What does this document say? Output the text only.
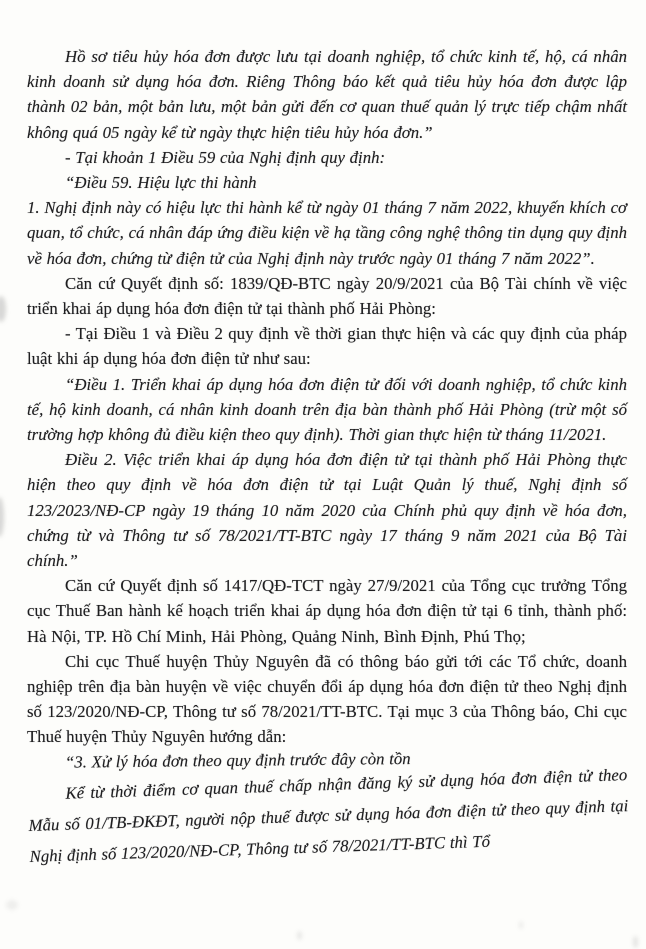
Hồ sơ tiêu hủy hóa đơn được lưu tại doanh nghiệp, tổ chức kinh tế, hộ, cá nhân kinh doanh sử dụng hóa đơn. Riêng Thông báo kết quả tiêu hủy hóa đơn được lập thành 02 bản, một bản lưu, một bản gửi đến cơ quan thuế quản lý trực tiếp chậm nhất không quá 05 ngày kể từ ngày thực hiện tiêu hủy hóa đơn.”

- Tại khoản 1 Điều 59 của Nghị định quy định:

“Điều 59. Hiệu lực thi hành

1. Nghị định này có hiệu lực thi hành kể từ ngày 01 tháng 7 năm 2022, khuyến khích cơ quan, tổ chức, cá nhân đáp ứng điều kiện về hạ tầng công nghệ thông tin dụng quy định về hóa đơn, chứng từ điện tử của Nghị định này trước ngày 01 tháng 7 năm 2022”.

Căn cứ Quyết định số: 1839/QĐ-BTC ngày 20/9/2021 của Bộ Tài chính về việc triển khai áp dụng hóa đơn điện tử tại thành phố Hải Phòng:

- Tại Điều 1 và Điều 2 quy định về thời gian thực hiện và các quy định của pháp luật khi áp dụng hóa đơn điện tử như sau:

“Điều 1. Triển khai áp dụng hóa đơn điện tử đối với doanh nghiệp, tổ chức kinh tế, hộ kinh doanh, cá nhân kinh doanh trên địa bàn thành phố Hải Phòng (trừ một số trường hợp không đủ điều kiện theo quy định). Thời gian thực hiện từ tháng 11/2021.

Điều 2. Việc triển khai áp dụng hóa đơn điện tử tại thành phố Hải Phòng thực hiện theo quy định về hóa đơn điện tử tại Luật Quản lý thuế, Nghị định số 123/2023/NĐ-CP ngày 19 tháng 10 năm 2020 của Chính phủ quy định về hóa đơn, chứng từ và Thông tư số 78/2021/TT-BTC ngày 17 tháng 9 năm 2021 của Bộ Tài chính.”

Căn cứ Quyết định số 1417/QĐ-TCT ngày 27/9/2021 của Tổng cục trưởng Tổng cục Thuế Ban hành kế hoạch triển khai áp dụng hóa đơn điện tử tại 6 tỉnh, thành phố: Hà Nội, TP. Hồ Chí Minh, Hải Phòng, Quảng Ninh, Bình Định, Phú Thọ;

Chi cục Thuế huyện Thủy Nguyên đã có thông báo gửi tới các Tổ chức, doanh nghiệp trên địa bàn huyện về việc chuyển đổi áp dụng hóa đơn điện tử theo Nghị định số 123/2020/NĐ-CP, Thông tư số 78/2021/TT-BTC. Tại mục 3 của Thông báo, Chi cục Thuế huyện Thủy Nguyên hướng dẫn:

“3. Xử lý hóa đơn theo quy định trước đây còn tồn

Kể từ thời điểm cơ quan thuế chấp nhận đăng ký sử dụng hóa đơn điện tử theo Mẫu số 01/TB-ĐKĐT, người nộp thuế được sử dụng hóa đơn điện tử theo quy định tại Nghị định số 123/2020/NĐ-CP, Thông tư số 78/2021/TT-BTC thì Tổ
